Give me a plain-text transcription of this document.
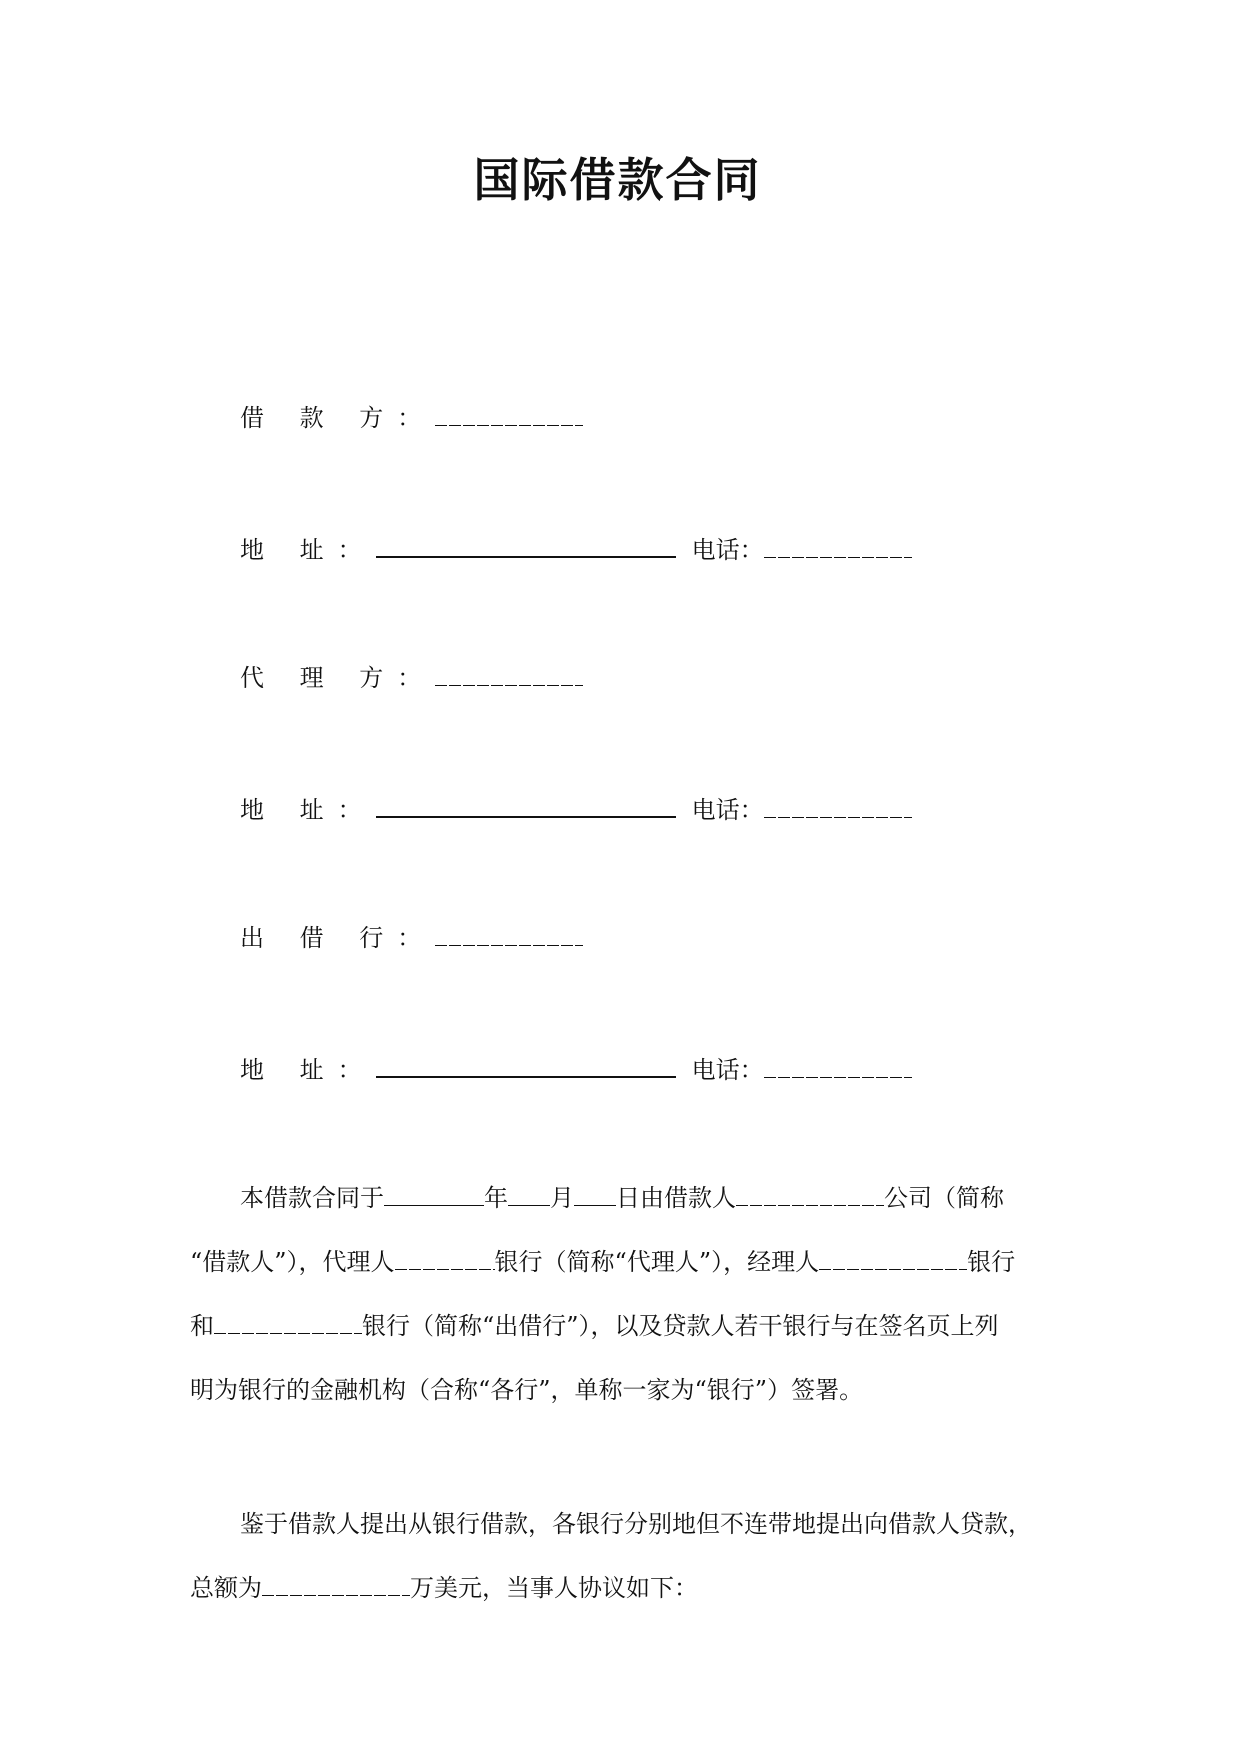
国际借款合同
借 款 方：
地 址：	电话：
代 理 方：
地 址：	电话：
出 借 行：
地 址：	电话：
本借款合同于	年 月 日由借款人	公司（简称
“借款人”），代理人	银行（简称“代理人”），经理人	银行
和	银行（简称“出借行”），以及贷款人若干银行与在签名页上列
明为银行的金融机构（合称“各行”，单称一家为“银行”）签署。
鉴于借款人提出从银行借款，各银行分别地但不连带地提出向借款人贷款，
总额为	万美元，当事人协议如下：
